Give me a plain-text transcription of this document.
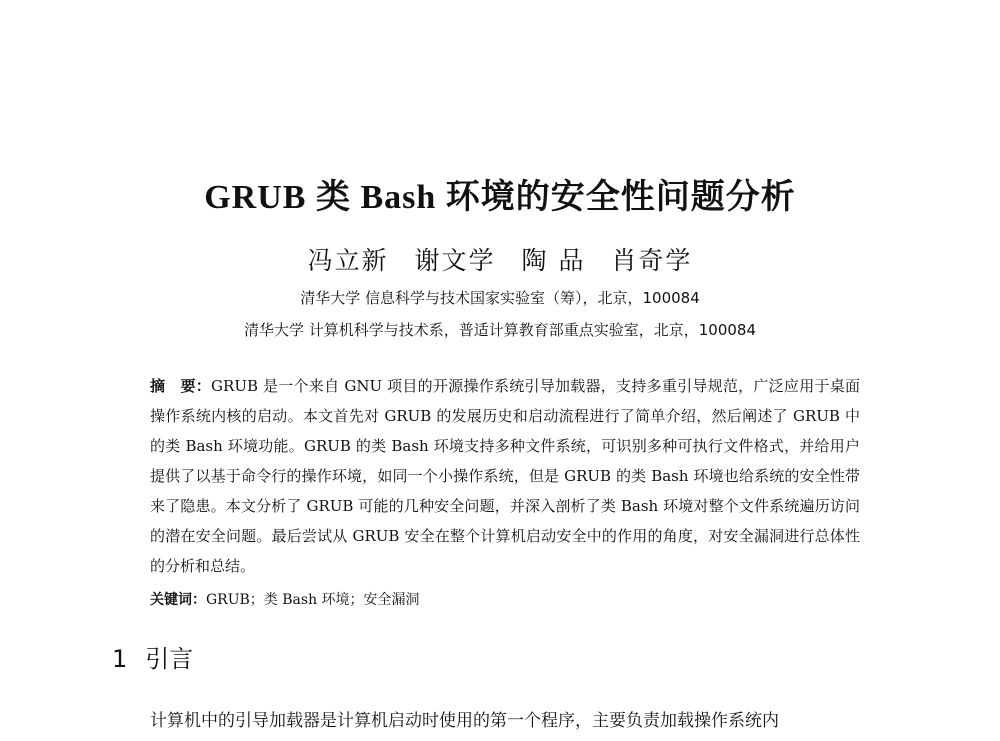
GRUB 类 Bash 环境的安全性问题分析
冯立新 谢文学 陶 品 肖奇学
清华大学 信息科学与技术国家实验室（筹），北京，100084
清华大学 计算机科学与技术系，普适计算教育部重点实验室，北京，100084
摘　要：GRUB 是一个来自 GNU 项目的开源操作系统引导加载器，支持多重引导规范，广泛应用于桌面操作系统内核的启动。本文首先对 GRUB 的发展历史和启动流程进行了简单介绍，然后阐述了 GRUB 中的类 Bash 环境功能。GRUB 的类 Bash 环境支持多种文件系统，可识别多种可执行文件格式，并给用户提供了以基于命令行的操作环境，如同一个小操作系统，但是 GRUB 的类 Bash 环境也给系统的安全性带来了隐患。本文分析了 GRUB 可能的几种安全问题，并深入剖析了类 Bash 环境对整个文件系统遍历访问的潜在安全问题。最后尝试从 GRUB 安全在整个计算机启动安全中的作用的角度，对安全漏洞进行总体性的分析和总结。
关键词：GRUB；类 Bash 环境；安全漏洞
1 引言
计算机中的引导加载器是计算机启动时使用的第一个程序，主要负责加载操作系统内
